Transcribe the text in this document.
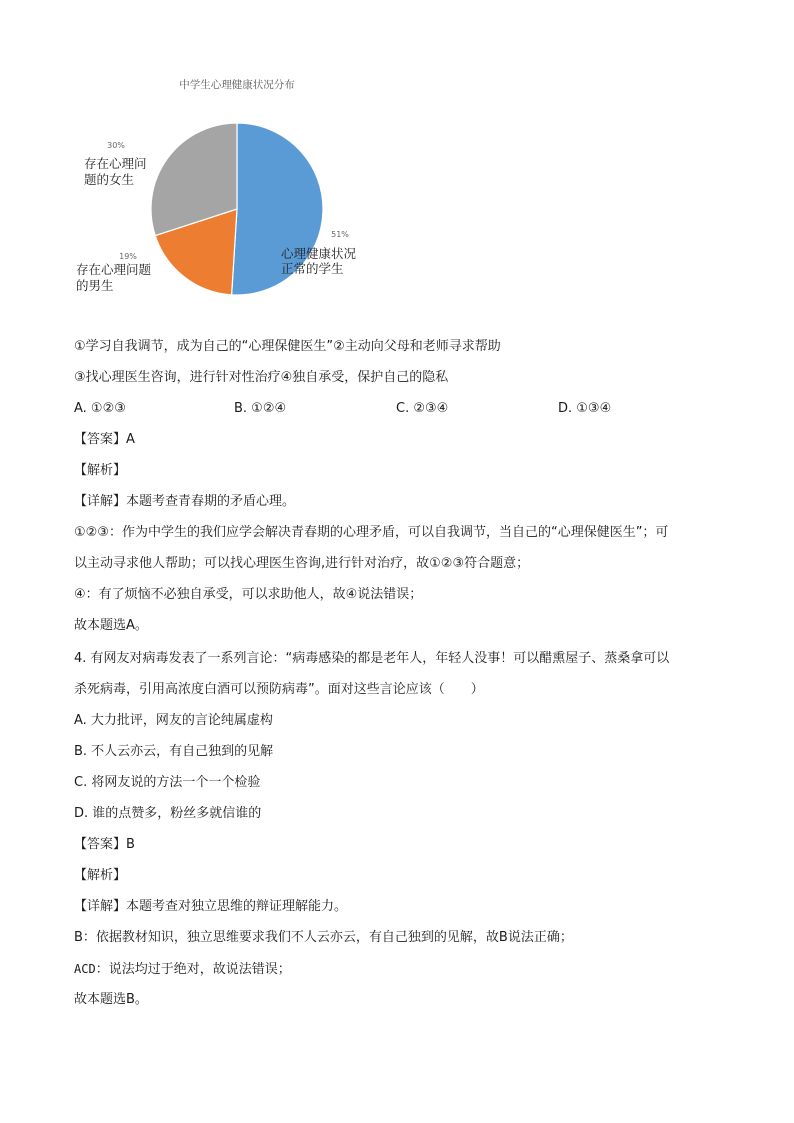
中学生心理健康状况分布
51%
19%
30%
心理健康状况
正常的学生
存在心理问题
的男生
存在心理问
题的女生
①学习自我调节，成为自己的“心理保健医生”②主动向父母和老师寻求帮助
③找心理医生咨询，进行针对性治疗④独自承受，保护自己的隐私
A. ①②③	B. ①②④	C. ②③④	D. ①③④
【答案】A
【解析】
【详解】本题考查青春期的矛盾心理。
①②③：作为中学生的我们应学会解决青春期的心理矛盾，可以自我调节，当自己的“心理保健医生”；可
以主动寻求他人帮助；可以找心理医生咨询,进行针对治疗，故①②③符合题意；
④：有了烦恼不必独自承受，可以求助他人，故④说法错误；
故本题选A。
4. 有网友对病毒发表了一系列言论：“病毒感染的都是老年人，年轻人没事！可以醋熏屋子、蒸桑拿可以
杀死病毒，引用高浓度白酒可以预防病毒”。面对这些言论应该（　　）
A. 大力批评，网友的言论纯属虚构
B. 不人云亦云，有自己独到的见解
C. 将网友说的方法一个一个检验
D. 谁的点赞多，粉丝多就信谁的
【答案】B
【解析】
【详解】本题考查对独立思维的辩证理解能力。
B：依据教材知识，独立思维要求我们不人云亦云，有自己独到的见解，故B说法正确；
ACD：说法均过于绝对，故说法错误；
故本题选B。
